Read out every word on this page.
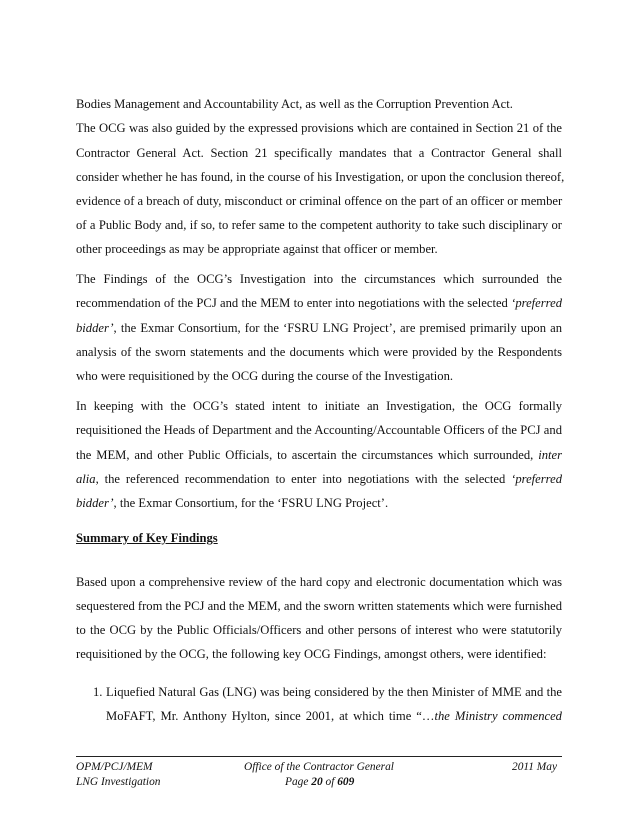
Bodies Management and Accountability Act, as well as the Corruption Prevention Act.
The OCG was also guided by the expressed provisions which are contained in Section 21 of the
Contractor General Act. Section 21 specifically mandates that a Contractor General shall
consider whether he has found, in the course of his Investigation, or upon the conclusion thereof,
evidence of a breach of duty, misconduct or criminal offence on the part of an officer or member
of a Public Body and, if so, to refer same to the competent authority to take such disciplinary or
other proceedings as may be appropriate against that officer or member.
The Findings of the OCG’s Investigation into the circumstances which surrounded the
recommendation of the PCJ and the MEM to enter into negotiations with the selected ‘preferred
bidder’, the Exmar Consortium, for the ‘FSRU LNG Project’, are premised primarily upon an
analysis of the sworn statements and the documents which were provided by the Respondents
who were requisitioned by the OCG during the course of the Investigation.
In keeping with the OCG’s stated intent to initiate an Investigation, the OCG formally
requisitioned the Heads of Department and the Accounting/Accountable Officers of the PCJ and
the MEM, and other Public Officials, to ascertain the circumstances which surrounded, inter
alia, the referenced recommendation to enter into negotiations with the selected ‘preferred
bidder’, the Exmar Consortium, for the ‘FSRU LNG Project’.
Summary of Key Findings
Based upon a comprehensive review of the hard copy and electronic documentation which was
sequestered from the PCJ and the MEM, and the sworn written statements which were furnished
to the OCG by the Public Officials/Officers and other persons of interest who were statutorily
requisitioned by the OCG, the following key OCG Findings, amongst others, were identified:
1. Liquefied Natural Gas (LNG) was being considered by the then Minister of MME and the
MoFAFT, Mr. Anthony Hylton, since 2001, at which time “…the Ministry commenced
OPM/PCJ/MEM
LNG Investigation
Office of the Contractor General
Page 20 of 609
2011 May
